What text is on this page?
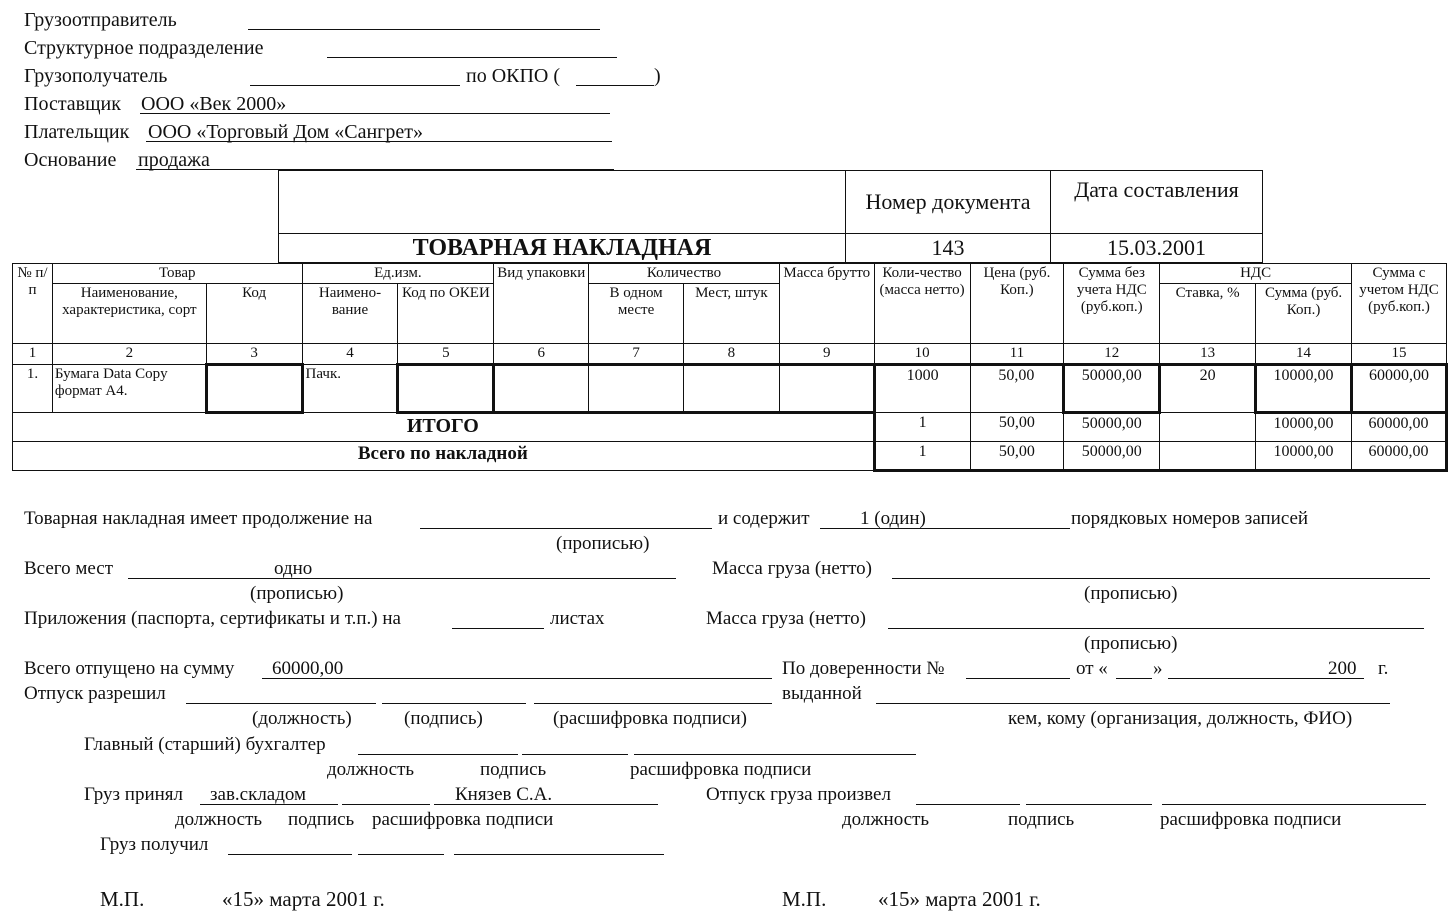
Грузоотправитель
Структурное подразделение
Грузополучатель	по ОКПО (	)
Поставщик ООО «Век 2000»
Плательщик ООО «Торговый Дом «Сангрет»
Основание продажа
ТОВАРНАЯ НАКЛАДНАЯ
Номер документа Дата составления
143	15.03.2001
№ п/п	Товар		Ед.изм.		Вид упаковки	Количество		Масса брутто	Коли-чество (масса нетто)	Цена (руб. Коп.)	Сумма без учета НДС (руб.коп.)	НДС		Сумма с учетом НДС (руб.коп.)
	Наименование, характеристика, сорт	Код	Наимено-вание	Код по ОКЕИ		В одном месте	Мест, штук					Ставка, %	Сумма (руб. Коп.)	
1	2	3	4	5	6	7	8	9	10	11	12	13	14	15
1.	Бумага Data Copy формат А4.		Пачк.						1000	50,00	50000,00	20	10000,00	60000,00
ИТОГО									1	50,00	50000,00		10000,00	60000,00
Всего по накладной									1	50,00	50000,00		10000,00	60000,00
Товарная накладная имеет продолжение на	и содержит	1 (один)	порядковых номеров записей
(прописью)
Всего мест	одно
(прописью)
Масса груза (нетто)
(прописью)
Приложения (паспорта, сертификаты и т.п.) на	листах	Масса груза (нетто)
(прописью)
Всего отпущено на сумму 60000,00	По доверенности №	от « »	200 г.
Отпуск разрешил	выданной
(должность)	(подпись)	(расшифровка подписи)	кем, кому (организация, должность, ФИО)
Главный (старший) бухгалтер
должность	подпись	расшифровка подписи
Груз принял зав.складом	Князев С.А.	Отпуск груза произвел
должность подпись расшифровка подписи	должность	подпись	расшифровка подписи
Груз получил
М.П.	«15» марта 2001 г.	М.П. «15» марта 2001 г.
